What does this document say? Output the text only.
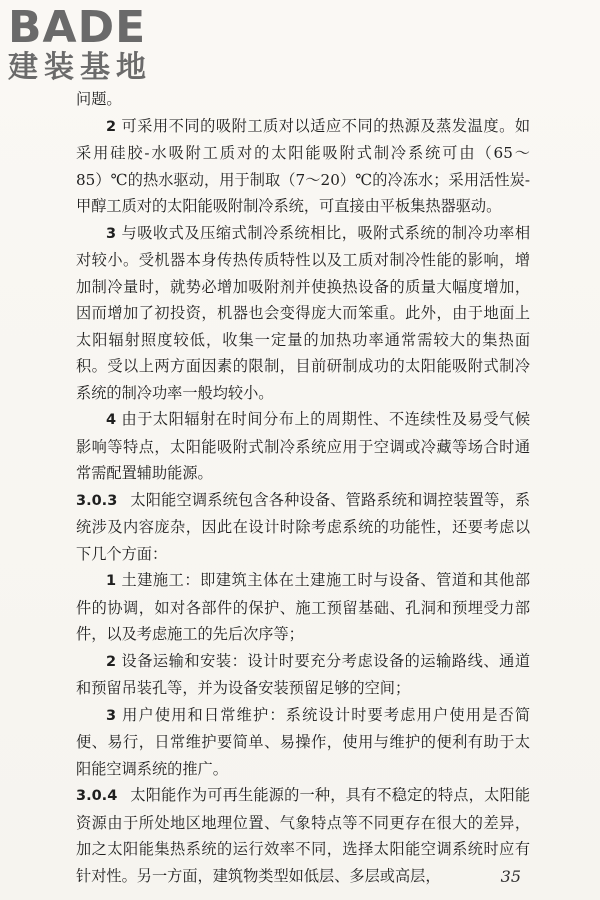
BADE
建装基地

问题。

2 可采用不同的吸附工质对以适应不同的热源及蒸发温度。如采用硅胶-水吸附工质对的太阳能吸附式制冷系统可由（65～85）℃的热水驱动，用于制取（7～20）℃的冷冻水；采用活性炭-甲醇工质对的太阳能吸附制冷系统，可直接由平板集热器驱动。

3 与吸收式及压缩式制冷系统相比，吸附式系统的制冷功率相对较小。受机器本身传热传质特性以及工质对制冷性能的影响，增加制冷量时，就势必增加吸附剂并使换热设备的质量大幅度增加，因而增加了初投资，机器也会变得庞大而笨重。此外，由于地面上太阳辐射照度较低，收集一定量的加热功率通常需较大的集热面积。受以上两方面因素的限制，目前研制成功的太阳能吸附式制冷系统的制冷功率一般均较小。

4 由于太阳辐射在时间分布上的周期性、不连续性及易受气候影响等特点，太阳能吸附式制冷系统应用于空调或冷藏等场合时通常需配置辅助能源。

3.0.3 太阳能空调系统包含各种设备、管路系统和调控装置等，系统涉及内容庞杂，因此在设计时除考虑系统的功能性，还要考虑以下几个方面：

1 土建施工：即建筑主体在土建施工时与设备、管道和其他部件的协调，如对各部件的保护、施工预留基础、孔洞和预埋受力部件，以及考虑施工的先后次序等；

2 设备运输和安装：设计时要充分考虑设备的运输路线、通道和预留吊装孔等，并为设备安装预留足够的空间；

3 用户使用和日常维护：系统设计时要考虑用户使用是否简便、易行，日常维护要简单、易操作，使用与维护的便利有助于太阳能空调系统的推广。

3.0.4 太阳能作为可再生能源的一种，具有不稳定的特点，太阳能资源由于所处地区地理位置、气象特点等不同更存在很大的差异，加之太阳能集热系统的运行效率不同，选择太阳能空调系统时应有针对性。另一方面，建筑物类型如低层、多层或高层，	35
